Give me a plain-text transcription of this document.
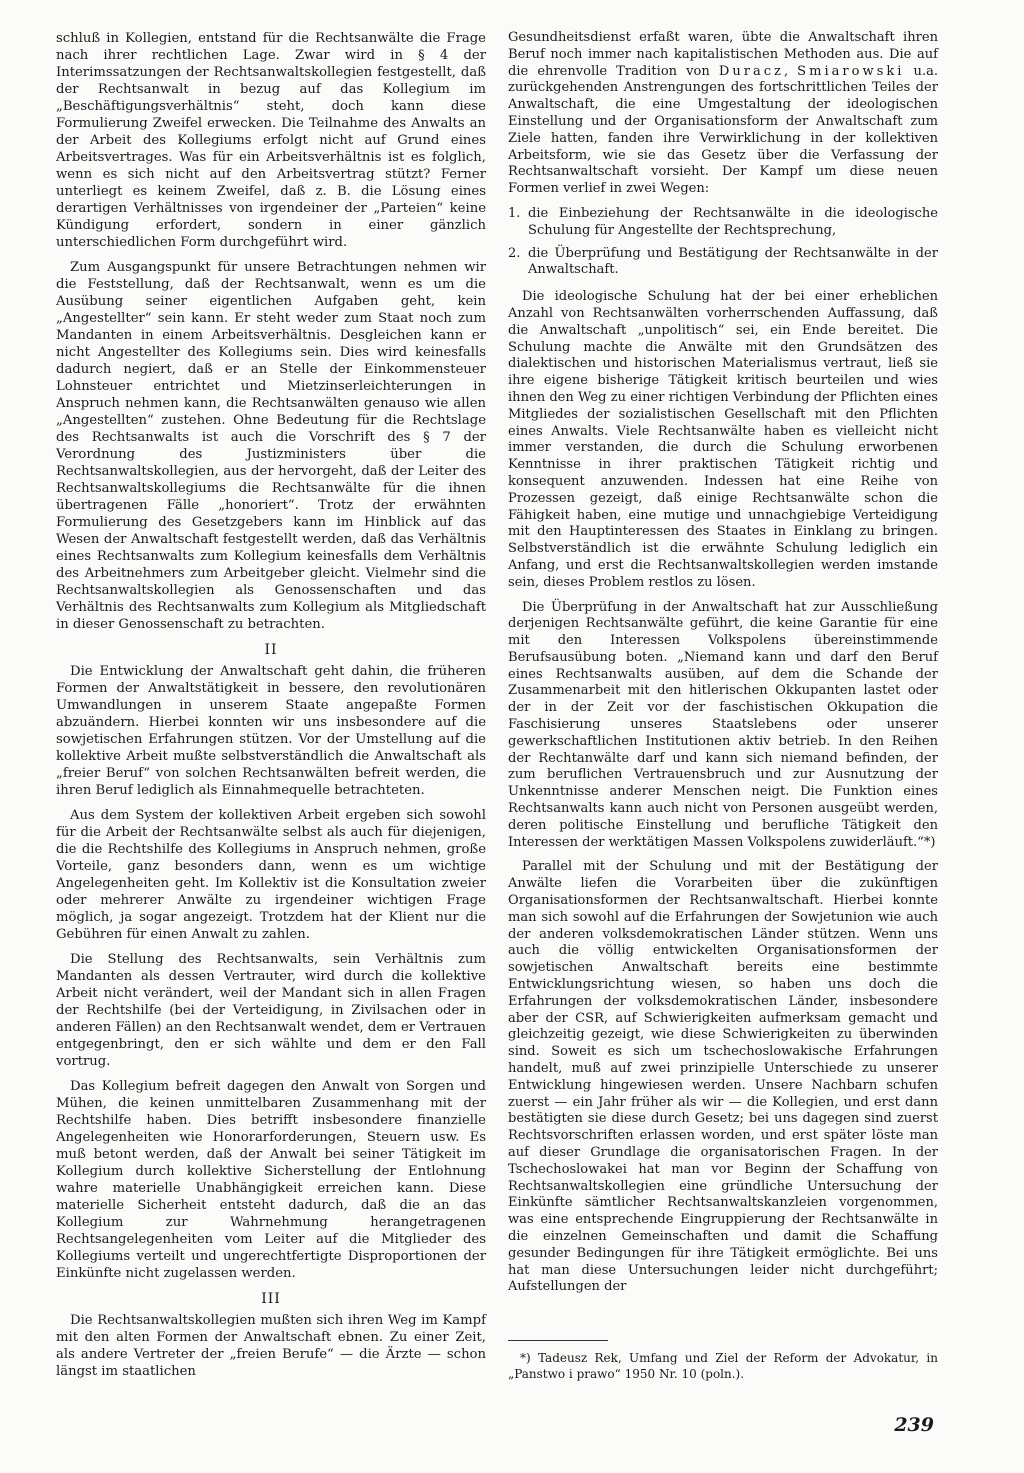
schluß in Kollegien, entstand für die Rechtsanwälte die Frage nach ihrer rechtlichen Lage. Zwar wird in § 4 der Interimssatzungen der Rechtsanwaltskollegien festgestellt, daß der Rechtsanwalt in bezug auf das Kollegium im „Beschäftigungsverhältnis“ steht, doch kann diese Formulierung Zweifel erwecken. Die Teilnahme des Anwalts an der Arbeit des Kollegiums erfolgt nicht auf Grund eines Arbeitsvertrages. Was für ein Arbeitsverhältnis ist es folglich, wenn es sich nicht auf den Arbeitsvertrag stützt? Ferner unterliegt es keinem Zweifel, daß z. B. die Lösung eines derartigen Verhältnisses von irgendeiner der „Parteien“ keine Kündigung erfordert, sondern in einer gänzlich unterschiedlichen Form durchgeführt wird.

Zum Ausgangspunkt für unsere Betrachtungen nehmen wir die Feststellung, daß der Rechtsanwalt, wenn es um die Ausübung seiner eigentlichen Aufgaben geht, kein „Angestellter“ sein kann. Er steht weder zum Staat noch zum Mandanten in einem Arbeitsverhältnis. Desgleichen kann er nicht Angestellter des Kollegiums sein. Dies wird keinesfalls dadurch negiert, daß er an Stelle der Einkommensteuer Lohnsteuer entrichtet und Mietzinserleichterungen in Anspruch nehmen kann, die Rechtsanwälten genauso wie allen „Angestellten“ zustehen. Ohne Bedeutung für die Rechtslage des Rechtsanwalts ist auch die Vorschrift des § 7 der Verordnung des Justizministers über die Rechtsanwaltskollegien, aus der hervorgeht, daß der Leiter des Rechtsanwaltskollegiums die Rechtsanwälte für die ihnen übertragenen Fälle „honoriert“. Trotz der erwähnten Formulierung des Gesetzgebers kann im Hinblick auf das Wesen der Anwaltschaft festgestellt werden, daß das Verhältnis eines Rechtsanwalts zum Kollegium keinesfalls dem Verhältnis des Arbeitnehmers zum Arbeitgeber gleicht. Vielmehr sind die Rechtsanwaltskollegien als Genossenschaften und das Verhältnis des Rechtsanwalts zum Kollegium als Mitgliedschaft in dieser Genossenschaft zu betrachten.

II

Die Entwicklung der Anwaltschaft geht dahin, die früheren Formen der Anwaltstätigkeit in bessere, den revolutionären Umwandlungen in unserem Staate angepaßte Formen abzuändern. Hierbei konnten wir uns insbesondere auf die sowjetischen Erfahrungen stützen. Vor der Umstellung auf die kollektive Arbeit mußte selbstverständlich die Anwaltschaft als „freier Beruf“ von solchen Rechtsanwälten befreit werden, die ihren Beruf lediglich als Einnahmequelle betrachteten.

Aus dem System der kollektiven Arbeit ergeben sich sowohl für die Arbeit der Rechtsanwälte selbst als auch für diejenigen, die die Rechtshilfe des Kollegiums in Anspruch nehmen, große Vorteile, ganz besonders dann, wenn es um wichtige Angelegenheiten geht. Im Kollektiv ist die Konsultation zweier oder mehrerer Anwälte zu irgendeiner wichtigen Frage möglich, ja sogar angezeigt. Trotzdem hat der Klient nur die Gebühren für einen Anwalt zu zahlen.

Die Stellung des Rechtsanwalts, sein Verhältnis zum Mandanten als dessen Vertrauter, wird durch die kollektive Arbeit nicht verändert, weil der Mandant sich in allen Fragen der Rechtshilfe (bei der Verteidigung, in Zivilsachen oder in anderen Fällen) an den Rechtsanwalt wendet, dem er Vertrauen entgegenbringt, den er sich wählte und dem er den Fall vortrug.

Das Kollegium befreit dagegen den Anwalt von Sorgen und Mühen, die keinen unmittelbaren Zusammenhang mit der Rechtshilfe haben. Dies betrifft insbesondere finanzielle Angelegenheiten wie Honorarforderungen, Steuern usw. Es muß betont werden, daß der Anwalt bei seiner Tätigkeit im Kollegium durch kollektive Sicherstellung der Entlohnung wahre materielle Unabhängigkeit erreichen kann. Diese materielle Sicherheit entsteht dadurch, daß die an das Kollegium zur Wahrnehmung herangetragenen Rechtsangelegenheiten vom Leiter auf die Mitglieder des Kollegiums verteilt und ungerechtfertigte Disproportionen der Einkünfte nicht zugelassen werden.

III

Die Rechtsanwaltskollegien mußten sich ihren Weg im Kampf mit den alten Formen der Anwaltschaft ebnen. Zu einer Zeit, als andere Vertreter der „freien Berufe“ — die Ärzte — schon längst im staatlichen

Gesundheitsdienst erfaßt waren, übte die Anwaltschaft ihren Beruf noch immer nach kapitalistischen Methoden aus. Die auf die ehrenvolle Tradition von Duracz, Smiarowski u.a. zurückgehenden Anstrengungen des fortschrittlichen Teiles der Anwaltschaft, die eine Umgestaltung der ideologischen Einstellung und der Organisationsform der Anwaltschaft zum Ziele hatten, fanden ihre Verwirklichung in der kollektiven Arbeitsform, wie sie das Gesetz über die Verfassung der Rechtsanwaltschaft vorsieht. Der Kampf um diese neuen Formen verlief in zwei Wegen:

1. die Einbeziehung der Rechtsanwälte in die ideologische Schulung für Angestellte der Rechtsprechung,
2. die Überprüfung und Bestätigung der Rechtsanwälte in der Anwaltschaft.

Die ideologische Schulung hat der bei einer erheblichen Anzahl von Rechtsanwälten vorherrschenden Auffassung, daß die Anwaltschaft „unpolitisch“ sei, ein Ende bereitet. Die Schulung machte die Anwälte mit den Grundsätzen des dialektischen und historischen Materialismus vertraut, ließ sie ihre eigene bisherige Tätigkeit kritisch beurteilen und wies ihnen den Weg zu einer richtigen Verbindung der Pflichten eines Mitgliedes der sozialistischen Gesellschaft mit den Pflichten eines Anwalts. Viele Rechtsanwälte haben es vielleicht nicht immer verstanden, die durch die Schulung erworbenen Kenntnisse in ihrer praktischen Tätigkeit richtig und konsequent anzuwenden. Indessen hat eine Reihe von Prozessen gezeigt, daß einige Rechtsanwälte schon die Fähigkeit haben, eine mutige und unnachgiebige Verteidigung mit den Hauptinteressen des Staates in Einklang zu bringen. Selbstverständlich ist die erwähnte Schulung lediglich ein Anfang, und erst die Rechtsanwaltskollegien werden imstande sein, dieses Problem restlos zu lösen.

Die Überprüfung in der Anwaltschaft hat zur Ausschließung derjenigen Rechtsanwälte geführt, die keine Garantie für eine mit den Interessen Volkspolens übereinstimmende Berufsausübung boten. „Niemand kann und darf den Beruf eines Rechtsanwalts ausüben, auf dem die Schande der Zusammenarbeit mit den hitlerischen Okkupanten lastet oder der in der Zeit vor der faschistischen Okkupation die Faschisierung unseres Staatslebens oder unserer gewerkschaftlichen Institutionen aktiv betrieb. In den Reihen der Rechtanwälte darf und kann sich niemand befinden, der zum beruflichen Vertrauensbruch und zur Ausnutzung der Unkenntnisse anderer Menschen neigt. Die Funktion eines Rechtsanwalts kann auch nicht von Personen ausgeübt werden, deren politische Einstellung und berufliche Tätigkeit den Interessen der werktätigen Massen Volkspolens zuwiderläuft.“*)

Parallel mit der Schulung und mit der Bestätigung der Anwälte liefen die Vorarbeiten über die zukünftigen Organisationsformen der Rechtsanwaltschaft. Hierbei konnte man sich sowohl auf die Erfahrungen der Sowjetunion wie auch der anderen volksdemokratischen Länder stützen. Wenn uns auch die völlig entwickelten Organisationsformen der sowjetischen Anwaltschaft bereits eine bestimmte Entwicklungsrichtung wiesen, so haben uns doch die Erfahrungen der volksdemokratischen Länder, insbesondere aber der CSR, auf Schwierigkeiten aufmerksam gemacht und gleichzeitig gezeigt, wie diese Schwierigkeiten zu überwinden sind. Soweit es sich um tschechoslowakische Erfahrungen handelt, muß auf zwei prinzipielle Unterschiede zu unserer Entwicklung hingewiesen werden. Unsere Nachbarn schufen zuerst — ein Jahr früher als wir — die Kollegien, und erst dann bestätigten sie diese durch Gesetz; bei uns dagegen sind zuerst Rechtsvorschriften erlassen worden, und erst später löste man auf dieser Grundlage die organisatorischen Fragen. In der Tschechoslowakei hat man vor Beginn der Schaffung von Rechtsanwaltskollegien eine gründliche Untersuchung der Einkünfte sämtlicher Rechtsanwaltskanzleien vorgenommen, was eine entsprechende Eingruppierung der Rechtsanwälte in die einzelnen Gemeinschaften und damit die Schaffung gesunder Bedingungen für ihre Tätigkeit ermöglichte. Bei uns hat man diese Untersuchungen leider nicht durchgeführt; Aufstellungen der

*) Tadeusz Rek, Umfang und Ziel der Reform der Advokatur, in „Panstwo i prawo“ 1950 Nr. 10 (poln.).

239
